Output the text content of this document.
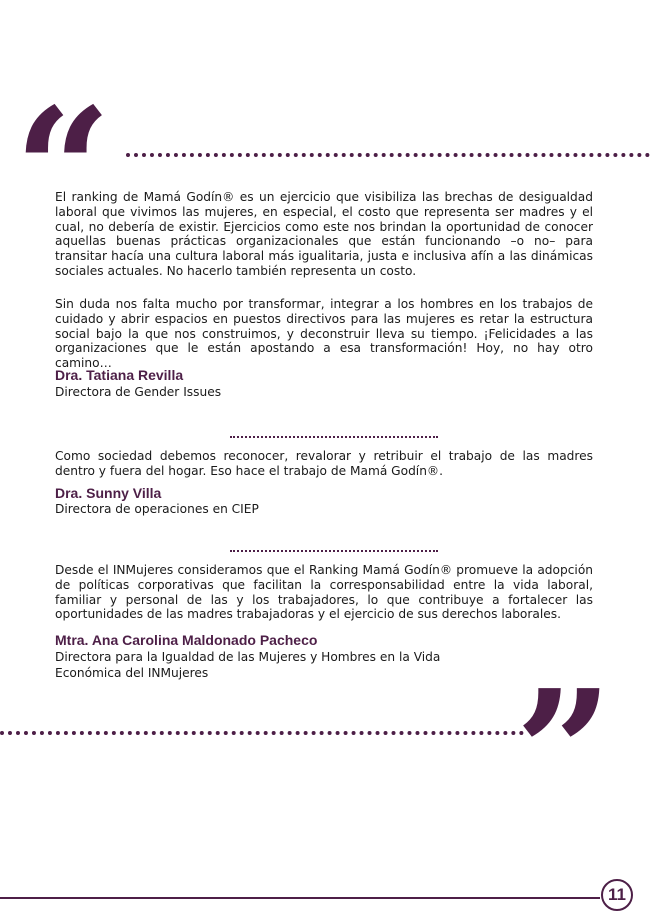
“

El ranking de Mamá Godín® es un ejercicio que visibiliza las brechas de desigualdad laboral que vivimos las mujeres, en especial, el costo que representa ser madres y el cual, no debería de existir. Ejercicios como este nos brindan la oportunidad de conocer aquellas buenas prácticas organizacionales que están funcionando –o no– para transitar hacía una cultura laboral más igualitaria, justa e inclusiva afín a las dinámicas sociales actuales. No hacerlo también representa un costo.

Sin duda nos falta mucho por transformar, integrar a los hombres en los trabajos de cuidado y abrir espacios en puestos directivos para las mujeres es retar la estructura social bajo la que nos construimos, y deconstruir lleva su tiempo. ¡Felicidades a las organizaciones que le están apostando a esa transformación! Hoy, no hay otro camino…

Dra. Tatiana Revilla

Directora de Gender Issues

Como sociedad debemos reconocer, revalorar y retribuir el trabajo de las madres dentro y fuera del hogar. Eso hace el trabajo de Mamá Godín®.

Dra. Sunny Villa

Directora de operaciones en CIEP

Desde el INMujeres consideramos que el Ranking Mamá Godín® promueve la adopción de políticas corporativas que facilitan la corresponsabilidad entre la vida laboral, familiar y personal de las y los trabajadores, lo que contribuye a fortalecer las oportunidades de las madres trabajadoras y el ejercicio de sus derechos laborales.

Mtra. Ana Carolina Maldonado Pacheco

Directora para la Igualdad de las Mujeres y Hombres en la Vida

Económica del INMujeres ”
11
